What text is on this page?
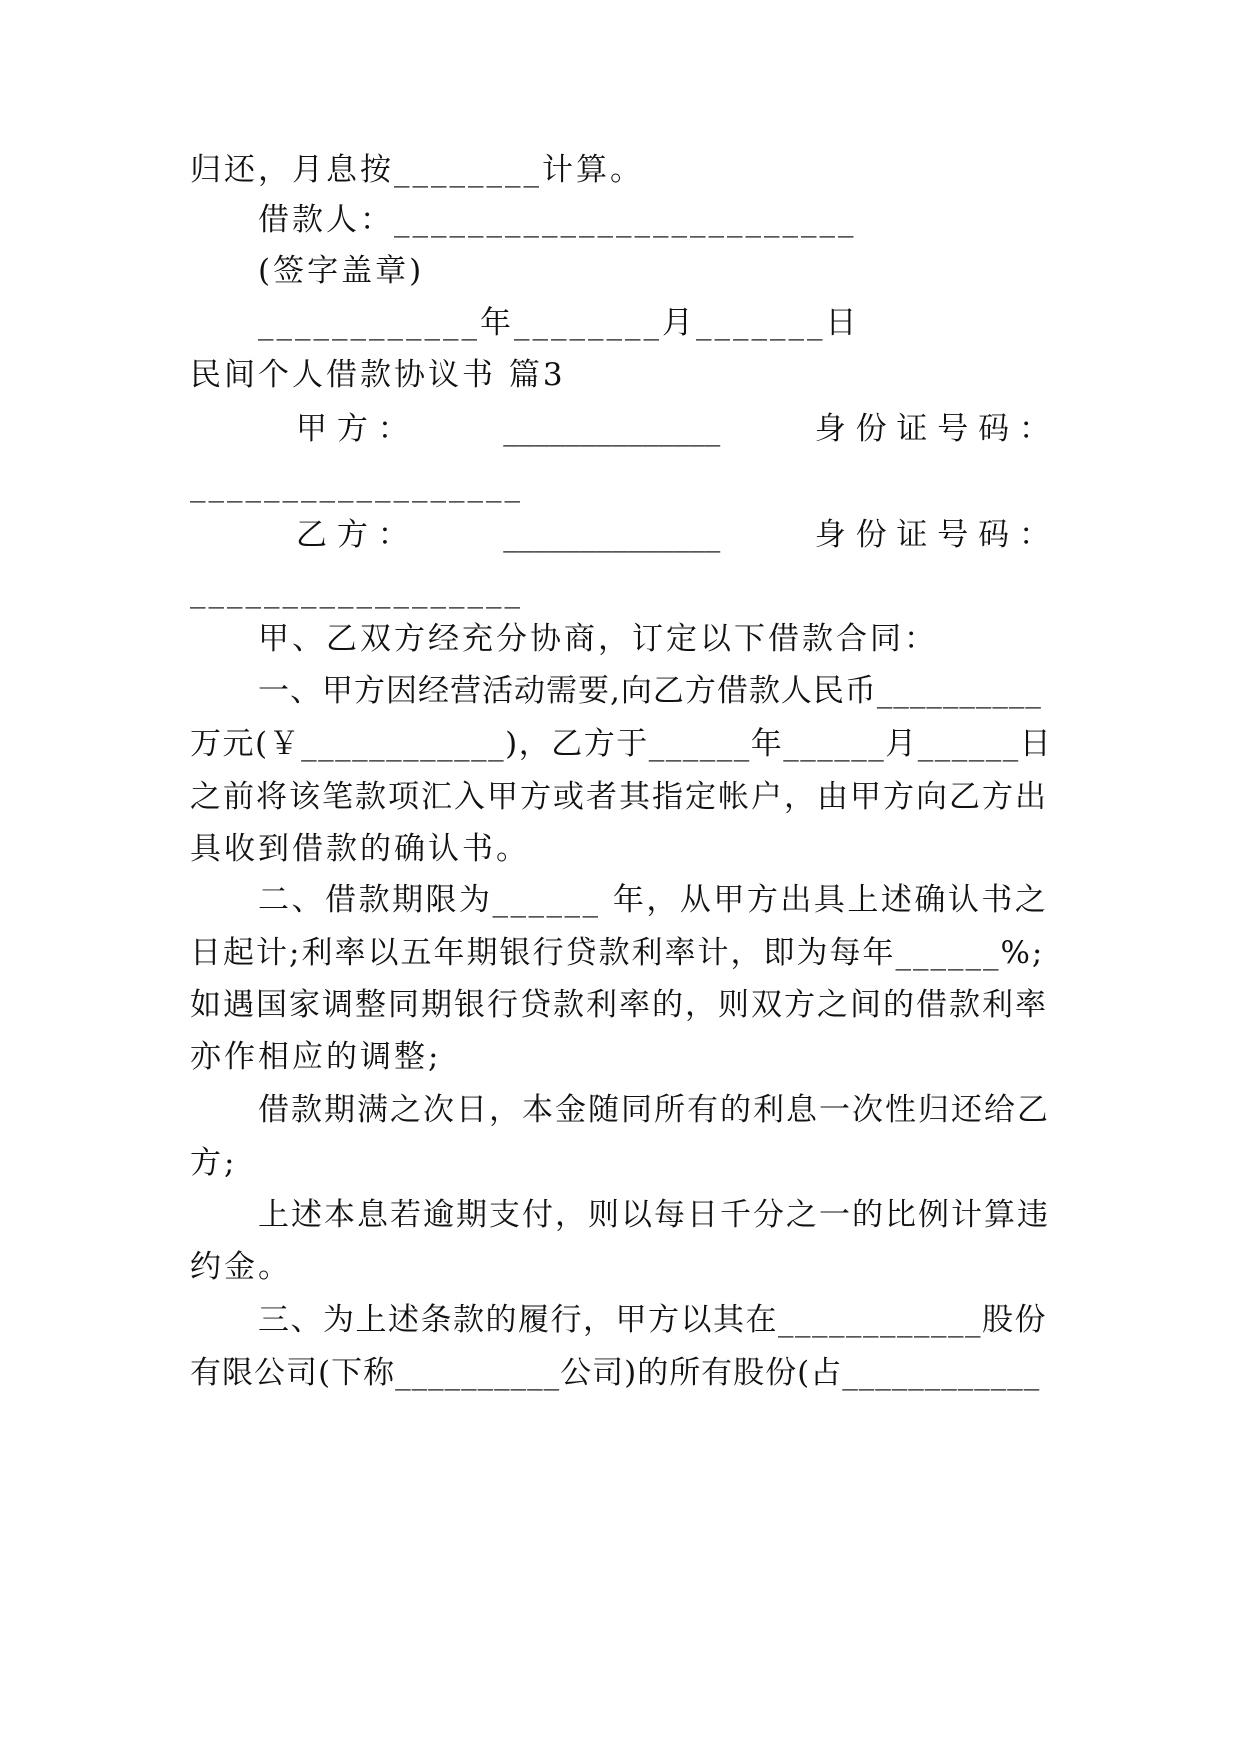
归还，月息按________计算。
借款人：_________________________
(签字盖章)
____________年________月_______日
民间个人借款协议书 篇3
甲 方 ：	______________	身 份 证 号 码 ：
__________________
乙 方 ：	______________	身 份 证 号 码 ：
__________________
甲、乙双方经充分协商，订定以下借款合同：
一、甲方因经营活动需要,向乙方借款人民币__________
万元(￥____________)，乙方于______年______月______日
之前将该笔款项汇入甲方或者其指定帐户，由甲方向乙方出
具收到借款的确认书。
二、借款期限为______ 年，从甲方出具上述确认书之
日起计;利率以五年期银行贷款利率计，即为每年______%;
如遇国家调整同期银行贷款利率的，则双方之间的借款利率
亦作相应的调整;
借款期满之次日，本金随同所有的利息一次性归还给乙
方;
上述本息若逾期支付，则以每日千分之一的比例计算违
约金。
三、为上述条款的履行，甲方以其在____________股份
有限公司(下称__________公司)的所有股份(占____________
